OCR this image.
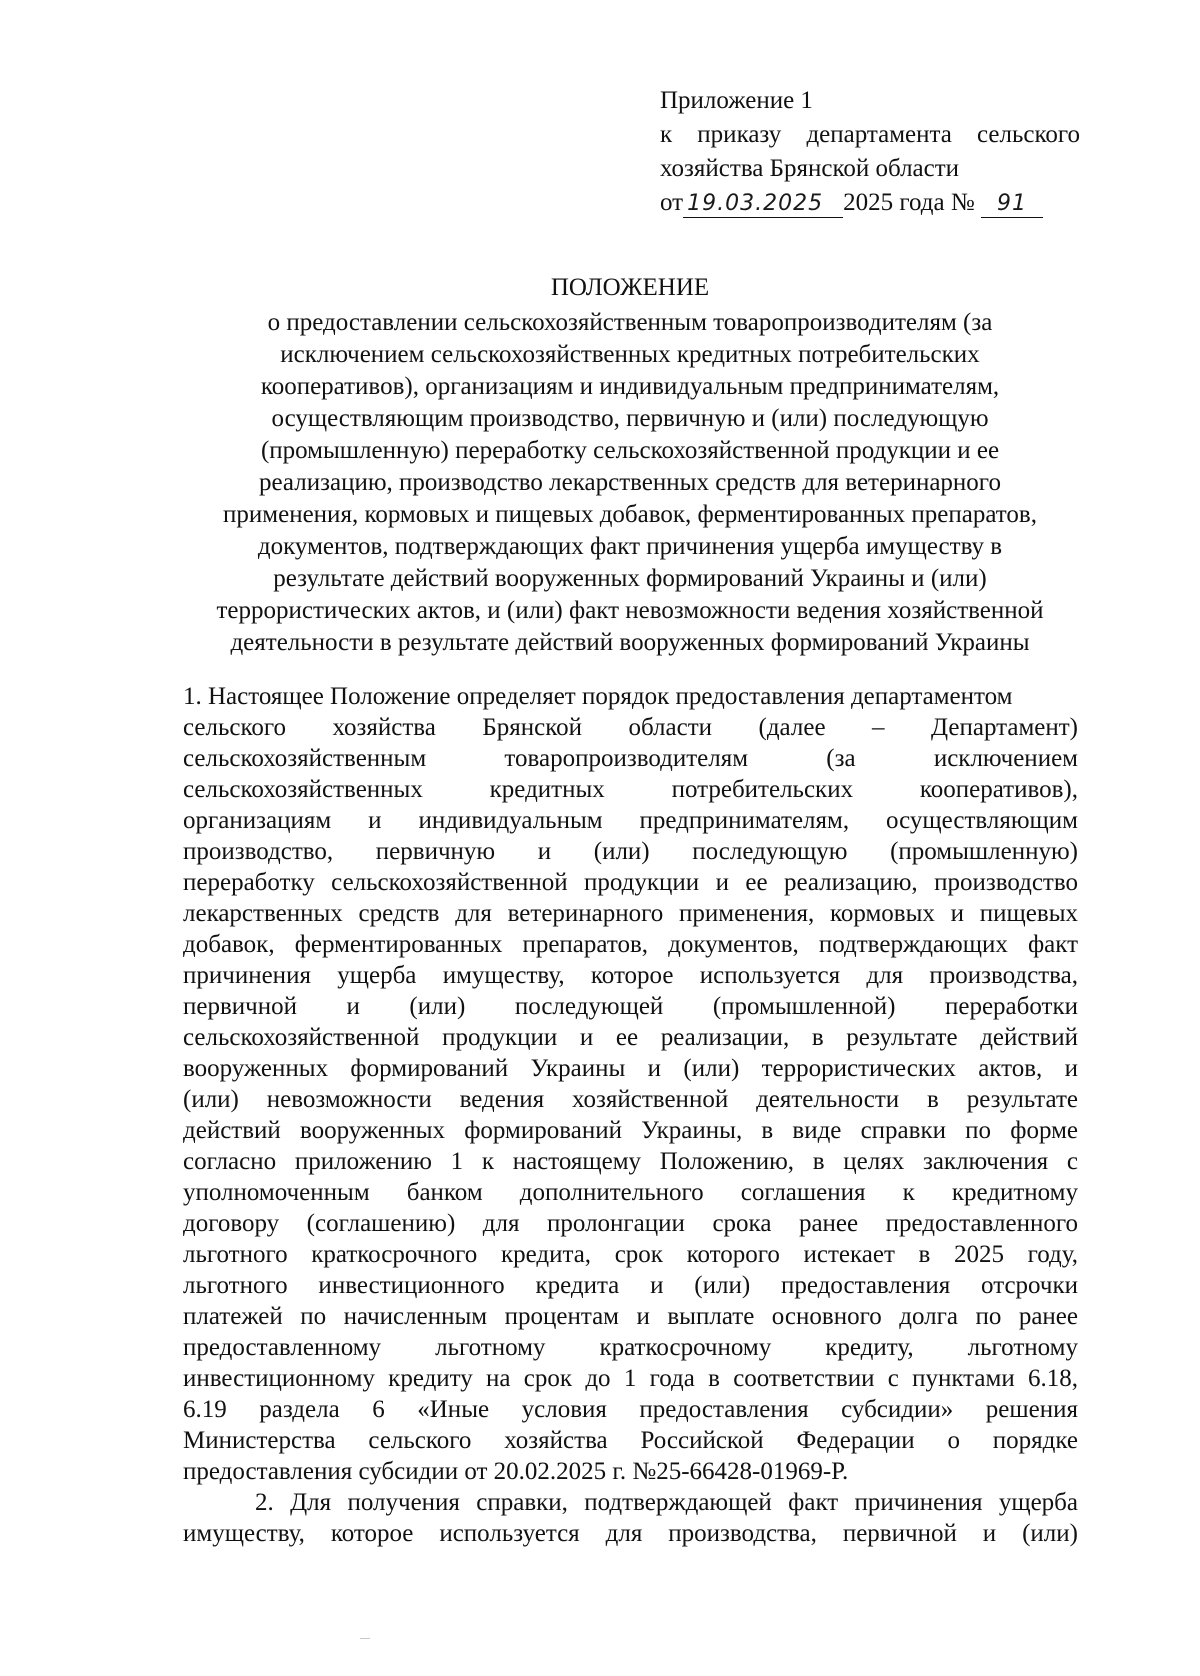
Приложение 1
к приказу департамента сельского
хозяйства Брянской области
от 19.03.2025 2025 года № 91
ПОЛОЖЕНИЕ
о предоставлении сельскохозяйственным товаропроизводителям (за
исключением сельскохозяйственных кредитных потребительских
кооперативов), организациям и индивидуальным предпринимателям,
осуществляющим производство, первичную и (или) последующую
(промышленную) переработку сельскохозяйственной продукции и ее
реализацию, производство лекарственных средств для ветеринарного
применения, кормовых и пищевых добавок, ферментированных препаратов,
документов, подтверждающих факт причинения ущерба имуществу в
результате действий вооруженных формирований Украины и (или)
террористических актов, и (или) факт невозможности ведения хозяйственной
деятельности в результате действий вооруженных формирований Украины
1. Настоящее Положение определяет порядок предоставления департаментом
сельского хозяйства Брянской области (далее – Департамент)
сельскохозяйственным товаропроизводителям (за исключением
сельскохозяйственных кредитных потребительских кооперативов),
организациям и индивидуальным предпринимателям, осуществляющим
производство, первичную и (или) последующую (промышленную)
переработку сельскохозяйственной продукции и ее реализацию, производство
лекарственных средств для ветеринарного применения, кормовых и пищевых
добавок, ферментированных препаратов, документов, подтверждающих факт
причинения ущерба имуществу, которое используется для производства,
первичной и (или) последующей (промышленной) переработки
сельскохозяйственной продукции и ее реализации, в результате действий
вооруженных формирований Украины и (или) террористических актов, и
(или) невозможности ведения хозяйственной деятельности в результате
действий вооруженных формирований Украины, в виде справки по форме
согласно приложению 1 к настоящему Положению, в целях заключения с
уполномоченным банком дополнительного соглашения к кредитному
договору (соглашению) для пролонгации срока ранее предоставленного
льготного краткосрочного кредита, срок которого истекает в 2025 году,
льготного инвестиционного кредита и (или) предоставления отсрочки
платежей по начисленным процентам и выплате основного долга по ранее
предоставленному льготному краткосрочному кредиту, льготному
инвестиционному кредиту на срок до 1 года в соответствии с пунктами 6.18,
6.19 раздела 6 «Иные условия предоставления субсидии» решения
Министерства сельского хозяйства Российской Федерации о порядке
предоставления субсидии от 20.02.2025 г. №25-66428-01969-Р.
2. Для получения справки, подтверждающей факт причинения ущерба
имуществу, которое используется для производства, первичной и (или)
